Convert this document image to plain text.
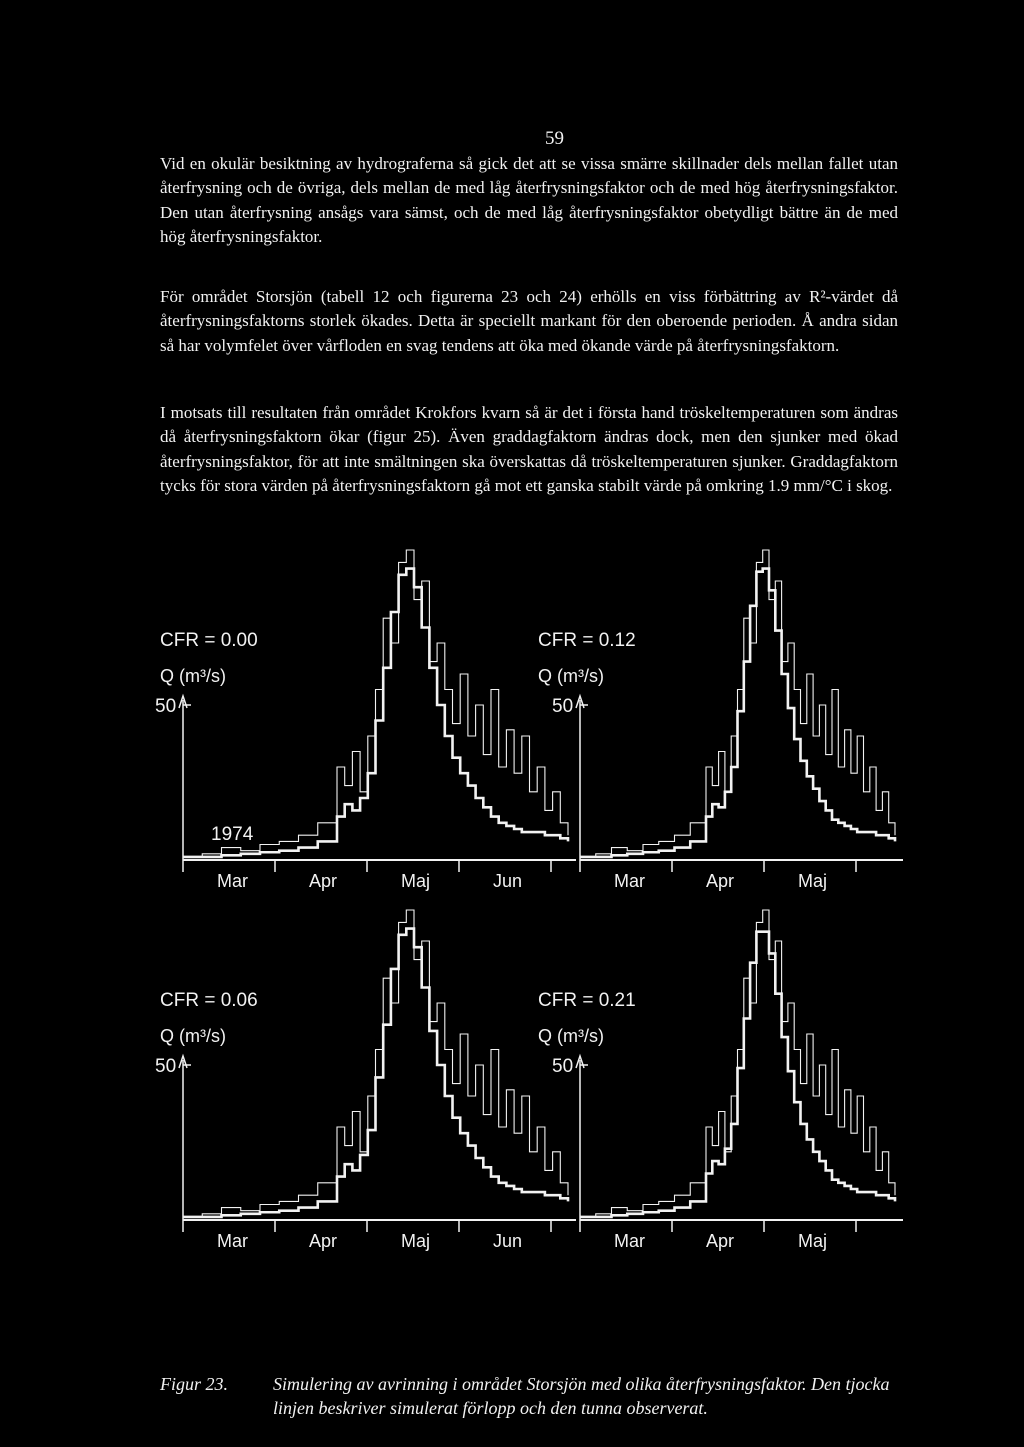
59

Vid en okulär besiktning av hydrograferna så gick det att se vissa smärre skillnader dels mellan fallet utan återfrysning och de övriga, dels mellan de med låg återfrysningsfaktor och de med hög återfrysningsfaktor. Den utan återfrysning ansågs vara sämst, och de med låg återfrysningsfaktor obetydligt bättre än de med hög återfrysningsfaktor.

För området Storsjön (tabell 12 och figurerna 23 och 24) erhölls en viss förbättring av R²-värdet då återfrysningsfaktorns storlek ökades. Detta är speciellt markant för den oberoende perioden. Å andra sidan så har volymfelet över vårfloden en svag tendens att öka med ökande värde på återfrysningsfaktorn.

I motsats till resultaten från området Krokfors kvarn så är det i första hand tröskeltemperaturen som ändras då återfrysningsfaktorn ökar (figur 25). Även graddagfaktorn ändras dock, men den sjunker med ökad återfrysningsfaktor, för att inte smältningen ska överskattas då tröskeltemperaturen sjunker. Graddagfaktorn tycks för stora värden på återfrysningsfaktorn gå mot ett ganska stabilt värde på omkring 1.9 mm/°C i skog.

50
CFR = 0.00
Q (m³/s)
1974
Mar	Apr	Maj	Jun
50
CFR = 0.12
Q (m³/s)
Mar	Apr	Maj
50
CFR = 0.06
Q (m³/s)
Mar	Apr	Maj	Jun
50
CFR = 0.21
Q (m³/s)
Mar	Apr	Maj
Figur 23. Simulering av avrinning i området Storsjön med olika återfrysningsfaktor. Den tjocka linjen beskriver simulerat förlopp och den tunna observerat.
